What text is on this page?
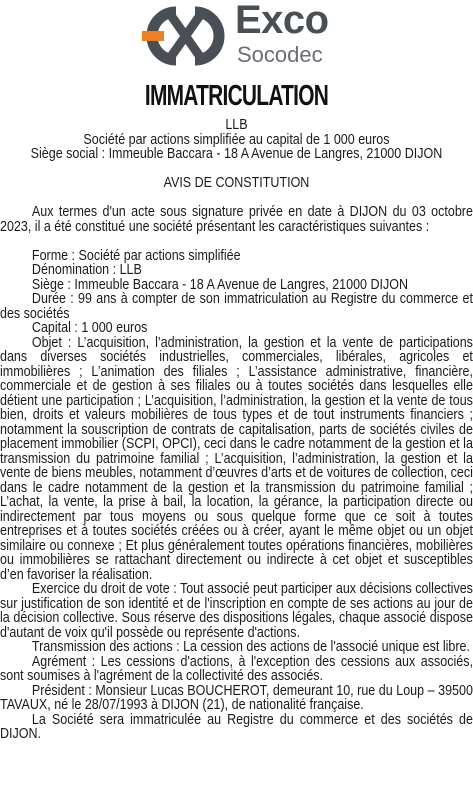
Exco
Socodec
IMMATRICULATION

LLB

Société par actions simplifiée au capital de 1 000 euros

Siège social : Immeuble Baccara - 18 A Avenue de Langres, 21000 DIJON

AVIS DE CONSTITUTION

Aux termes d'un acte sous signature privée en date à DIJON du 03 octobre 2023, il a été constitué une société présentant les caractéristiques suivantes :

Forme : Société par actions simplifiée

Dénomination : LLB

Siège : Immeuble Baccara - 18 A Avenue de Langres, 21000 DIJON

Durée : 99 ans à compter de son immatriculation au Registre du commerce et des sociétés

Capital : 1 000 euros

Objet : L’acquisition, l’administration, la gestion et la vente de participations dans diverses sociétés industrielles, commerciales, libérales, agricoles et immobilières ; L’animation des filiales ; L’assistance administrative, financière, commerciale et de gestion à ses filiales ou à toutes sociétés dans lesquelles elle détient une participation ; L’acquisition, l’administration, la gestion et la vente de tous bien, droits et valeurs mobilières de tous types et de tout instruments financiers ; notamment la souscription de contrats de capitalisation, parts de sociétés civiles de placement immobilier (SCPI, OPCI), ceci dans le cadre notamment de la gestion et la transmission du patrimoine familial ; L’acquisition, l’administration, la gestion et la vente de biens meubles, notamment d’œuvres d’arts et de voitures de collection, ceci dans le cadre notamment de la gestion et la transmission du patrimoine familial ; L’achat, la vente, la prise à bail, la location, la gérance, la participation directe ou indirectement par tous moyens ou sous quelque forme que ce soit à toutes entreprises et à toutes sociétés créées ou à créer, ayant le même objet ou un objet similaire ou connexe ; Et plus généralement toutes opérations financières, mobilières ou immobilières se rattachant directement ou indirecte à cet objet et susceptibles d’en favoriser la réalisation.

Exercice du droit de vote : Tout associé peut participer aux décisions collectives sur justification de son identité et de l'inscription en compte de ses actions au jour de la décision collective. Sous réserve des dispositions légales, chaque associé dispose d'autant de voix qu'il possède ou représente d'actions.

Transmission des actions : La cession des actions de l'associé unique est libre.

Agrément : Les cessions d'actions, à l'exception des cessions aux associés, sont soumises à l'agrément de la collectivité des associés.

Président : Monsieur Lucas BOUCHEROT, demeurant 10, rue du Loup – 39500 TAVAUX, né le 28/07/1993 à DIJON (21), de nationalité française.

La Société sera immatriculée au Registre du commerce et des sociétés de DIJON.
